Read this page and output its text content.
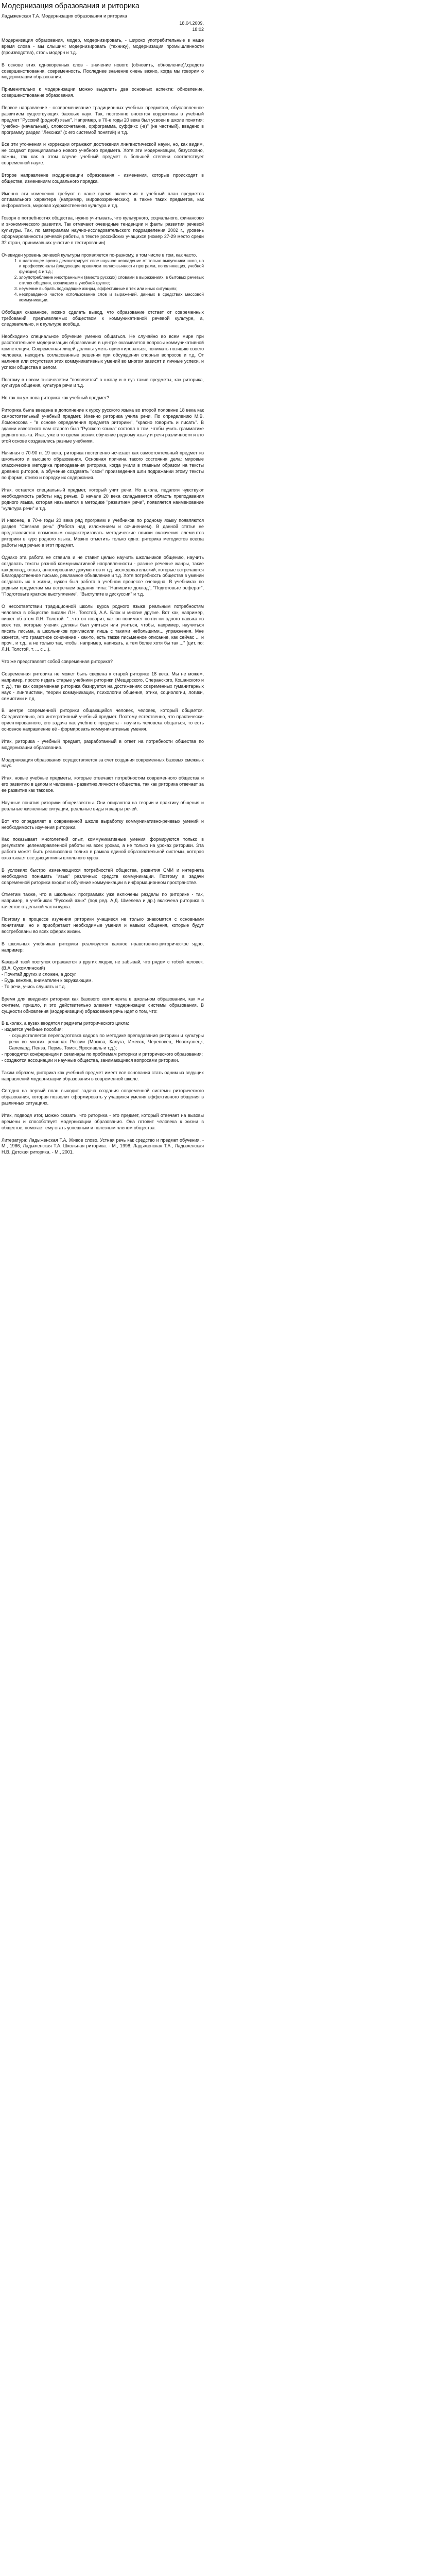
Модернизация образования и риторика

Ладыженская Т.А. Модернизация образования и риторика

18.04.2009,

18:02

Модернизация образования, модер, модернизировать, - широко употребительные в наше время слова - мы слышим: модернизировать (технику), модернизация промышленности (производства), столь модерн и т.д.

В основе этих однокоренных слов - значение нового (обновить, обновление)/,средств совершенствования, современность. Последнее значение очень важно, когда мы говорим о модернизации образования.

Применительно к модернизации можно выделить два основных аспекта: обновление, совершенствование образования.

Первое направление - осовременивание традиционных учебных предметов, обусловленное развитием существующих базовых наук. Так, постоянно вносятся коррективы в учебный предмет "Русский (родной) язык". Например, в 70-е годы 20 века был усвоен в школе понятия: "учебно- (начальные), словосочетание, орфограмма, суффикс (-в)" (не частный), введено в программу раздел "Лексика" (с его системой понятий) и т.д.

Все эти уточнения и коррекции отражают достижения лингвистической науки, но, как видим, не создают принципиально нового учебного предмета. Хотя эти модернизации, безусловно, важны, так как в этом случае учебный предмет в большей степени соответствует современной науке.

Второе направление модернизации образования - изменения, которые происходят в обществе, изменениям социального порядка.

Именно эти изменения требуют в наше время включения в учебный план предметов оптимального характера (например, мировоззренческих), а также таких предметов, как информатика, мировая художественная культура и т.д.

Говоря о потребностях общества, нужно учитывать, что культурного, социального, финансово и экономического развития. Так отмечают очевидные тенденции и факты развития речевой культуры. Так, по материалам научно-исследовательского подразделения 2002 г., уровень сформированности речевой работы, в тексте российских учащихся (номер 27-29 место среди 32 стран, принимавших участие в тестировании).

Очевиден уровень речевой культуры проявляется по-разному, в том числе в том, как часто.

1. в настоящее время демонстрирует свое научное невладение от только выпускники школ, но и профессионалы (владеющие правилом полноязычности программ, пополняющих, учебной функции) 4 и т.д.;
2. злоупотребление иностранными (вместо русских) словами в выражениях, в бытовых речевых стилях общения, возникших в учебной группе;
3. неумение выбрать подходящие жанры, эффективные в тех или иных ситуациях;
4. неоправданно частое использование слов и выражений, данных в средствах массовой коммуникации.

Обобщая сказанное, можно сделать вывод, что образование отстает от современных требований, предъявляемых обществом к коммуникативной речевой культуре, а, следовательно, и к культуре вообще.

Необходимо специальное обучение умению общаться. Не случайно во всем мире при расстоятельнее модернизации образования в центре оказывается вопросы коммуникативной компетенции. Современная лицей должны уметь ориентироваться, понимать позицию своего человека, находить согласованные решения при обсуждении спорных вопросов и т.д. От наличия или отсутствия этих коммуникативных умений во многом зависят и личные успехи, и успехи общества в целом.

Поэтому в новом тысячелетии "появляется" в школу и в вуз такие предметы, как риторика, культура общения, культура речи и т.д.

Но так ли уж нова риторика как учебный предмет?

Риторика была введена в дополнение к курсу русского языка во второй половине 18 века как самостоятельный учебный предмет. Именно риторика учила речи. По определению М.В. Ломоносова - "в основе определения предмета риторики", "красно говорить и писать". В здании известного нам старого был "Русского языка" состоял в том, чтобы учить грамматике родного языка. Итак, уже в то время возник обучение родному языку и речи различности и это этой основе создавались разные учебники.

Начиная с 70-90 гг. 19 века, риторика постепенно исчезает как самостоятельный предмет из школьного и высшего образования. Основная причина такого состояния дела: мировые классические методика преподавания риторика, когда учили в главным образом на тексты древних риторов, а обучение создавать "свои" произведения шли подражании этому тексты по форме, стилю и порядку их содержания.

Итак, остается специальный предмет, который учит речи. Но школа, педагоги чувствуют необходимость работы над речью. В начале 20 века складывается область преподавания родного языка, которая называется в методике "развитием речи", появляется наименование "культура речи" и т.д.

И наконец, в 70-е годы 20 века ряд программ и учебников по родному языку появляются раздел "Связная речь" (Работа над изложением и сочинением). В данной статье не представляется возможным охарактеризовать методические поиски включения элементов риторики в курс родного языка. Можно отметить только одно: риторика методистов всегда работы над речью в этот предмет.

Однако эта работа не ставила и не ставит целью научить школьников общению, научить создавать тексты разной коммуникативной направленности - разные речевые жанры, такие как доклад, отзыв, аннотирование документов и т.д. исследовательский, которые встречаются Благодарственное письмо, рекламное объявление и т.д. Хотя потребность общества в умении создавать их в жизни, нужен был работа в учебном процессе очевидна. В учебниках по родным предметам мы встречаем задания типа: "Напишите доклад", "Подготовьте реферат", "Подготовьте краткое выступление", "Выступите в дискуссии" и т.д.

О несоответствии традиционной школы курса родного языка реальным потребностям человека в обществе писали Л.Н. Толстой, А.А. Блок и многие другие. Вот как, например, пишет об этом Л.Н. Толстой: "...что он говорит, как он понимает почти ни одного навыка из всех тех, которые ученик должны был учиться или учиться, чтобы, например, научиться писать письма, а школьников пригласили лишь с такими небольшими... упражнения. Мне кажется, что грамотное сочинение - как-то, есть также письменное описание, как сейчас ... и проч., и т.д., а не только так, чтобы, например, написать, а тем более хотя бы так ..." (цит. по: Л.Н. Толстой, т. ... с ...).

Что же представляет собой современная риторика?

Современная риторика не может быть сведена к старой риторике 18 века. Мы не можем, например, просто издать старые учебники риторики (Мещерского, Сперанского, Кошанского и т. д.), так как современная риторика базируется на достижениях современных гуманитарных наук - лингвистики, теории коммуникации, психологии общения, этики, социологии, логики, семиотики и т.д.

В центре современной риторики общающийся человек, человек, который общается. Следовательно, это интегративный учебный предмет. Поэтому естественно, что практически-ориентированного, его задача как учебного предмета - научить человека общаться, то есть основное направление её - формировать коммуникативные умения.

Итак, риторика - учебный предмет, разработанный в ответ на потребности общества по модернизации образования.

Модернизация образования осуществляется за счет создания современных базовых смежных наук.

Итак, новые учебные предметы, которые отвечают потребностям современного общества и его развитию в целом и человека - развитию личности общества, так как риторика отвечает за ее развитие как таковое.

Научные понятия риторики общеизвестны. Они опираются на теории и практику общения и реальные жизненные ситуации, реальные виды и жанры речей.

Вот что определяет в современной школе выработку коммуникативно-речевых умений и необходимость изучения риторики.

Как показывает многолетний опыт, коммуникативные умения формируются только в результате целенаправленной работы на всех уроках, а не только на уроках риторики. Эта работа может быть реализована только в рамках единой образовательной системы, которая охватывает все дисциплины школьного курса.

В условиях быстро изменяющихся потребностей общества, развития СМИ и интернета необходимо понимать "язык" различных средств коммуникации. Поэтому в задачи современной риторики входит и обучение коммуникации в информационном пространстве.

Отметим также, что в школьных программах уже включены разделы по риторике - так, например, в учебниках "Русский язык" (под ред. А.Д. Шмелева и др.) включена риторика в качестве отдельной части курса.

Поэтому в процессе изучения риторики учащиеся не только знакомятся с основными понятиями, но и приобретают необходимые умения и навыки общения, которые будут востребованы во всех сферах жизни.

В школьных учебниках риторики реализуется важное нравственно-риторическое ядро, например:

Каждый твой поступок отражается в других людях, не забывай, что рядом с тобой человек. (В.А. Сухомлинский)

- Почитай других и сложен, а досуг.
- Будь вежлив, внимателен к окружающим.
- То речи, учись слушать и т.д.

Время для введения риторики как базового компонента в школьном образовании, как мы считаем, пришло, и это действительно элемент модернизации системы образования. В сущности обновления (модернизации) образования речь идет о том, что:

В школах, а вузах вводятся предметы риторического цикла:

- издается учебные пособия;
- осуществляется переподготовка кадров по методике преподавания риторики и культуры речи во многих регионах России (Москва, Калуга, Ижевск, Череповец, Новокузнецк, Салехард, Пенза, Пермь, Томск, Ярославль и т.д.);
- проводятся конференции и семинары по проблемам риторики и риторического образования;
- создаются ассоциации и научные общества, занимающиеся вопросами риторики.

Таким образом, риторика как учебный предмет имеет все основания стать одним из ведущих направлений модернизации образования в современной школе.

Сегодня на первый план выходит задача создания современной системы риторического образования, которая позволит сформировать у учащихся умения эффективного общения в различных ситуациях.

Итак, подводя итог, можно сказать, что риторика - это предмет, который отвечает на вызовы времени и способствует модернизации образования. Она готовит человека к жизни в обществе, помогает ему стать успешным и полезным членом общества.

Литература: Ладыженская Т.А. Живое слово. Устная речь как средство и предмет обучения. - М., 1986; Ладыженская Т.А. Школьная риторика. - М., 1998; Ладыженская Т.А., Ладыженская Н.В. Детская риторика. - М., 2001.
